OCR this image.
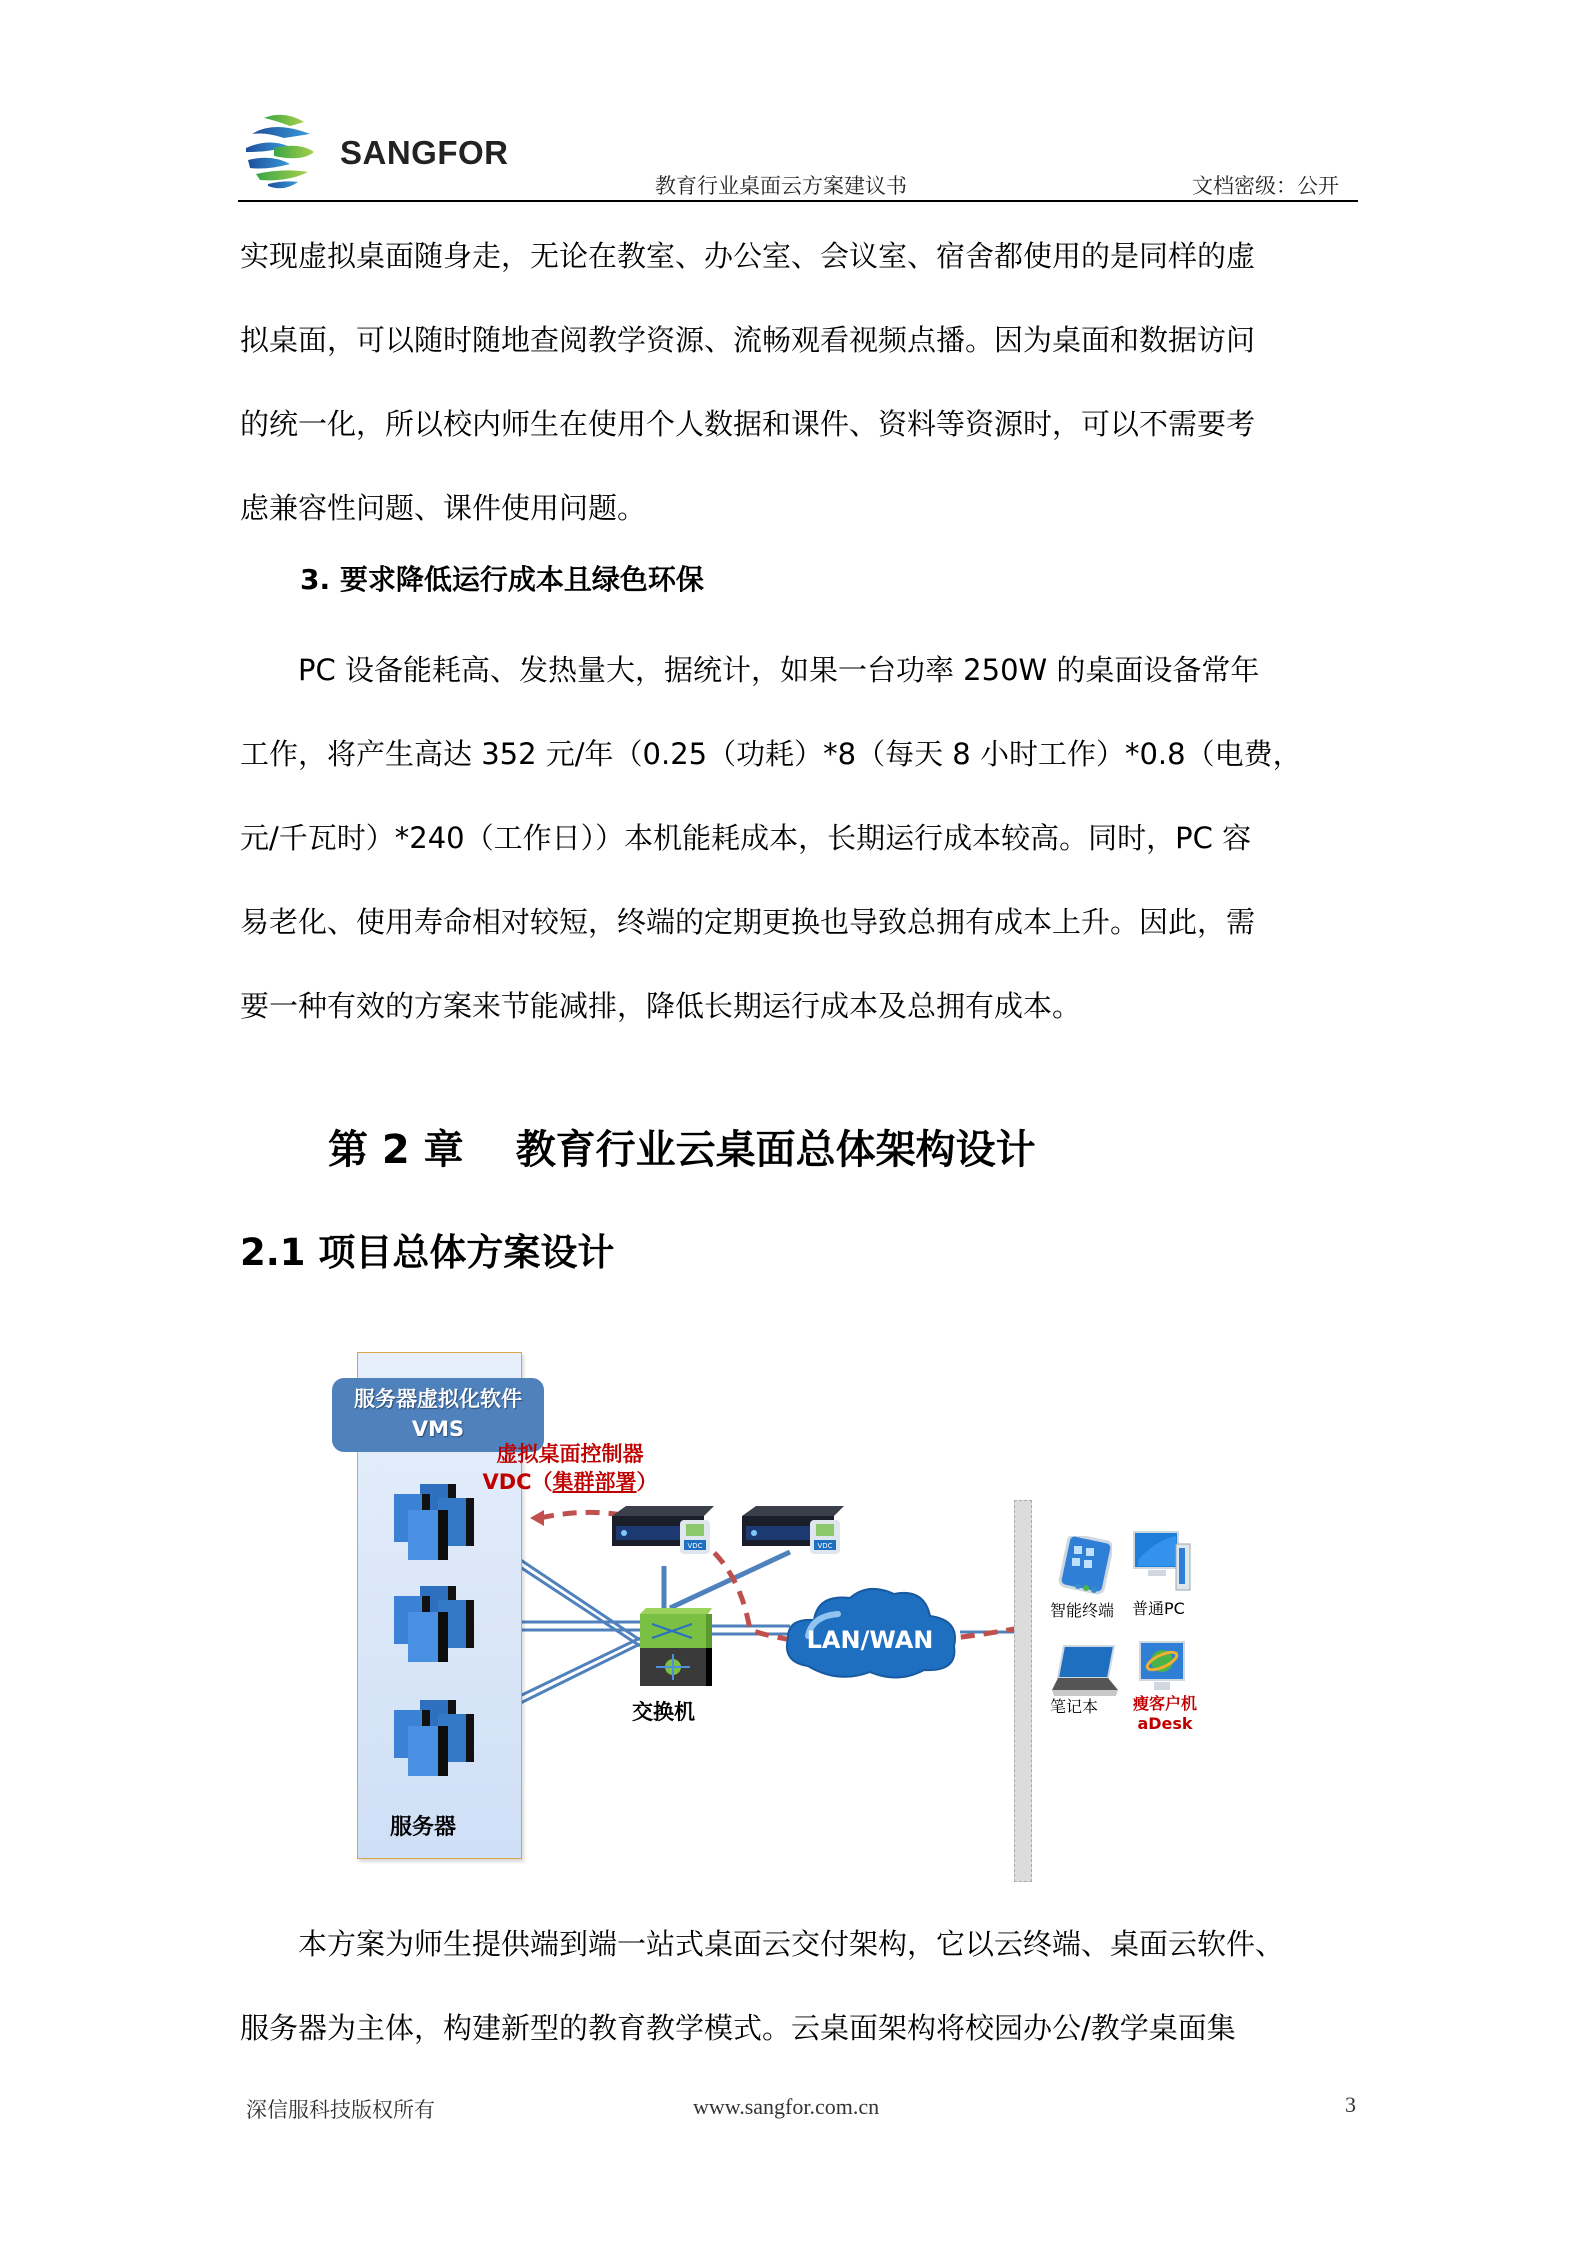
SANGFOR
教育行业桌面云方案建议书	文档密级：公开
实现虚拟桌面随身走，无论在教室、办公室、会议室、宿舍都使用的是同样的虚
拟桌面，可以随时随地查阅教学资源、流畅观看视频点播。因为桌面和数据访问
的统一化，所以校内师生在使用个人数据和课件、资料等资源时，可以不需要考
虑兼容性问题、课件使用问题。
3. 要求降低运行成本且绿色环保
PC 设备能耗高、发热量大，据统计，如果一台功率 250W 的桌面设备常年
工作，将产生高达 352 元/年（0.25（功耗）*8（每天 8 小时工作）*0.8（电费，
元/千瓦时）*240（工作日））本机能耗成本，长期运行成本较高。同时，PC 容
易老化、使用寿命相对较短，终端的定期更换也导致总拥有成本上升。因此，需
要一种有效的方案来节能减排，降低长期运行成本及总拥有成本。
第 2 章 教育行业云桌面总体架构设计
2.1 项目总体方案设计
服务器虚拟化软件
VMS
服务器
虚拟桌面控制器
VDC（集群部署）
VDC	VDC
交换机
LAN/WAN
智能终端 普通PC
笔记本	瘦客户机
aDesk
本方案为师生提供端到端一站式桌面云交付架构，它以云终端、桌面云软件、
服务器为主体，构建新型的教育教学模式。云桌面架构将校园办公/教学桌面集
深信服科技版权所有	www.sangfor.com.cn	3
